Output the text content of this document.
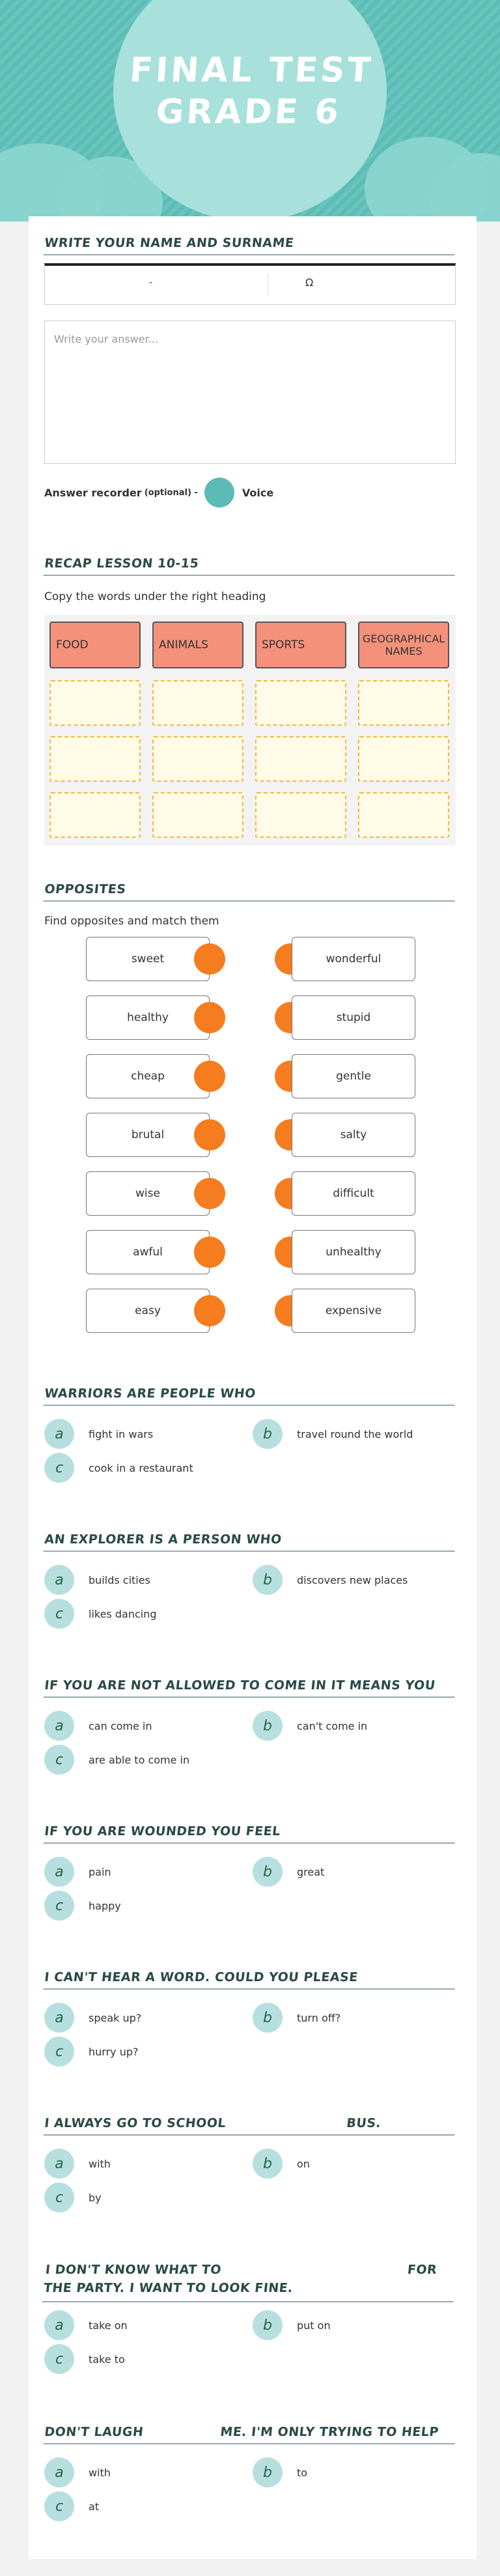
FINAL TEST
GRADE 6
WRITE YOUR NAME AND SURNAME
-	Ω
Write your answer...
Answer recorder (optional) -	Voice
RECAP LESSON 10-15
Copy the words under the right heading
FOOD	ANIMALS	SPORTS	GEOGRAPHICAL NAMES
OPPOSITES
Find opposites and match them
sweet	wonderful
healthy	stupid
cheap	gentle
brutal	salty
wise	difficult
awful	unhealthy
easy	expensive
WARRIORS ARE PEOPLE WHO
a	fight in wars	b	travel round the world
c	cook in a restaurant
AN EXPLORER IS A PERSON WHO
a	builds cities	b	discovers new places
c	likes dancing
IF YOU ARE NOT ALLOWED TO COME IN IT MEANS YOU
a	can come in	b	can't come in
c	are able to come in
IF YOU ARE WOUNDED YOU FEEL
a	pain	b	great
c	happy
I CAN'T HEAR A WORD. COULD YOU PLEASE
a	speak up?	b	turn off?
c	hurry up?
I ALWAYS GO TO SCHOOL	BUS.
a	with	b	on
c	by
I DON'T KNOW WHAT TO	FOR
THE PARTY. I WANT TO LOOK FINE.
a	take on	b	put on
c	take to
DON'T LAUGH	ME. I'M ONLY TRYING TO HELP
a	with	b	to
c	at
